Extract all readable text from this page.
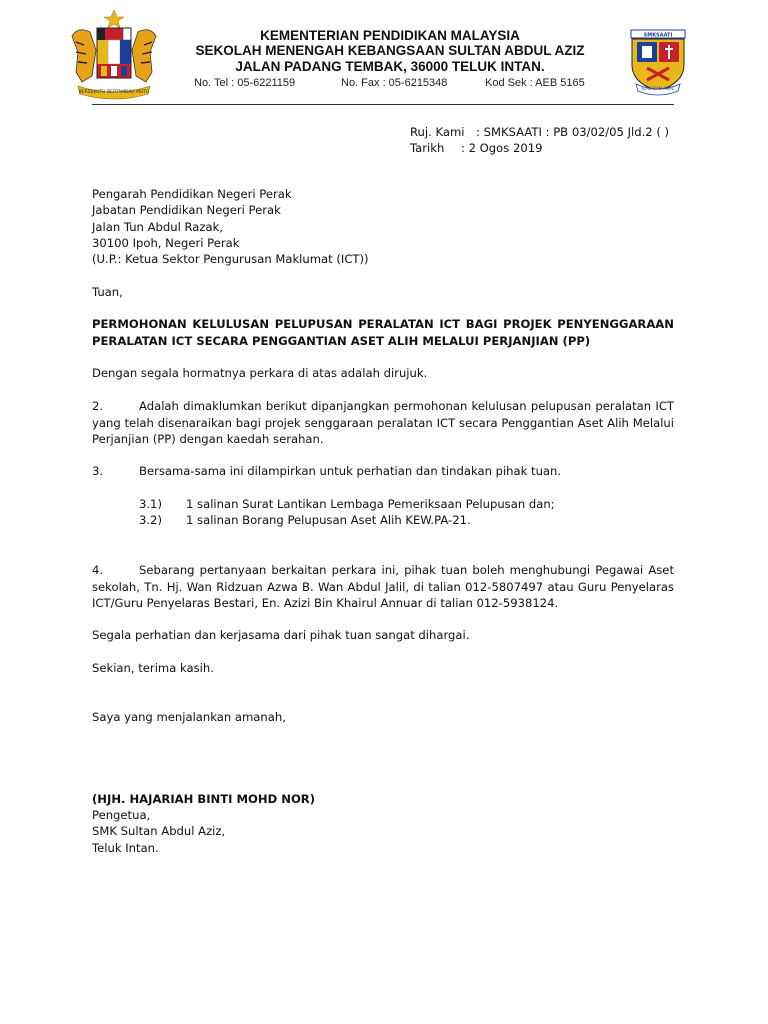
BERSEKUTU BERTAMBAH MUTU
KEMENTERIAN PENDIDIKAN MALAYSIA
SEKOLAH MENENGAH KEBANGSAAN SULTAN ABDUL AZIZ
JALAN PADANG TEMBAK, 36000 TELUK INTAN.
No. Tel : 05-6221159	No. Fax : 05-6215348	Kod Sek : AEB 5165
SMKSAATI
ILMU DAN AMAL
Ruj. Kami : SMKSAATI : PB 03/02/05 Jld.2 ( )
Tarikh : 2 Ogos 2019
Pengarah Pendidikan Negeri Perak
Jabatan Pendidikan Negeri Perak
Jalan Tun Abdul Razak,
30100 Ipoh, Negeri Perak
(U.P.: Ketua Sektor Pengurusan Maklumat (ICT))
Tuan,
PERMOHONAN KELULUSAN PELUPUSAN PERALATAN ICT BAGI PROJEK PENYENGGARAAN PERALATAN ICT SECARA PENGGANTIAN ASET ALIH MELALUI PERJANJIAN (PP)
Dengan segala hormatnya perkara di atas adalah dirujuk.
2.	Adalah dimaklumkan berikut dipanjangkan permohonan kelulusan pelupusan peralatan ICT yang telah disenaraikan bagi projek senggaraan peralatan ICT secara Penggantian Aset Alih Melalui Perjanjian (PP) dengan kaedah serahan.
3.	Bersama-sama ini dilampirkan untuk perhatian dan tindakan pihak tuan.
3.1) 1 salinan Surat Lantikan Lembaga Pemeriksaan Pelupusan dan;
3.2) 1 salinan Borang Pelupusan Aset Alih KEW.PA-21.
4.	Sebarang pertanyaan berkaitan perkara ini, pihak tuan boleh menghubungi Pegawai Aset sekolah, Tn. Hj. Wan Ridzuan Azwa B. Wan Abdul Jalil, di talian 012-5807497 atau Guru Penyelaras ICT/Guru Penyelaras Bestari, En. Azizi Bin Khairul Annuar di talian 012-5938124.
Segala perhatian dan kerjasama dari pihak tuan sangat dihargai.
Sekian, terima kasih.
Saya yang menjalankan amanah,
(HJH. HAJARIAH BINTI MOHD NOR)
Pengetua,
SMK Sultan Abdul Aziz,
Teluk Intan.
